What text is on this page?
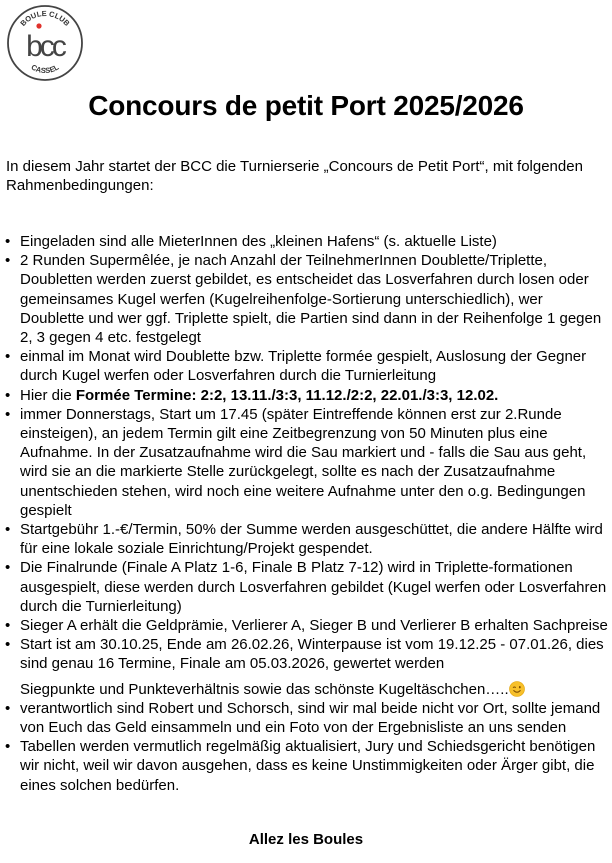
BOULE CLUB
CASSEL
bcc
Concours de petit Port 2025/2026

In diesem Jahr startet der BCC die Turnierserie „Concours de Petit Port“, mit folgenden Rahmenbedingungen:

• Eingeladen sind alle MieterInnen des „kleinen Hafens“ (s. aktuelle Liste)
• 2 Runden Supermêlée, je nach Anzahl der TeilnehmerInnen Doublette/Triplette, Doubletten werden zuerst gebildet, es entscheidet das Losverfahren durch losen oder gemeinsames Kugel werfen (Kugelreihenfolge-Sortierung unterschiedlich), wer Doublette und wer ggf. Triplette spielt, die Partien sind dann in der Reihenfolge 1 gegen 2, 3 gegen 4 etc. festgelegt
• einmal im Monat wird Doublette bzw. Triplette formée gespielt, Auslosung der Gegner durch Kugel werfen oder Losverfahren durch die Turnierleitung
• Hier die Formée Termine: 2:2, 13.11./3:3, 11.12./2:2, 22.01./3:3, 12.02.
• immer Donnerstags, Start um 17.45 (später Eintreffende können erst zur 2.Runde einsteigen), an jedem Termin gilt eine Zeitbegrenzung von 50 Minuten plus eine Aufnahme. In der Zusatzaufnahme wird die Sau markiert und - falls die Sau aus geht, wird sie an die markierte Stelle zurückgelegt, sollte es nach der Zusatzaufnahme unentschieden stehen, wird noch eine weitere Aufnahme unter den o.g. Bedingungen gespielt
• Startgebühr 1.-€/Termin, 50% der Summe werden ausgeschüttet, die andere Hälfte wird für eine lokale soziale Einrichtung/Projekt gespendet.
• Die Finalrunde (Finale A Platz 1-6, Finale B Platz 7-12) wird in Triplette-formationen ausgespielt, diese werden durch Losverfahren gebildet (Kugel werfen oder Losverfahren durch die Turnierleitung)
• Sieger A erhält die Geldprämie, Verlierer A, Sieger B und Verlierer B erhalten Sachpreise
• Start ist am 30.10.25, Ende am 26.02.26, Winterpause ist vom 19.12.25 - 07.01.26, dies sind genau 16 Termine, Finale am 05.03.2026, gewertet werden
Siegpunkte und Punkteverhältnis sowie das schönste Kugeltäschchen…..
• verantwortlich sind Robert und Schorsch, sind wir mal beide nicht vor Ort, sollte jemand von Euch das Geld einsammeln und ein Foto von der Ergebnisliste an uns senden
• Tabellen werden vermutlich regelmäßig aktualisiert, Jury und Schiedsgericht benötigen wir nicht, weil wir davon ausgehen, dass es keine Unstimmigkeiten oder Ärger gibt, die eines solchen bedürfen.

Allez les Boules
